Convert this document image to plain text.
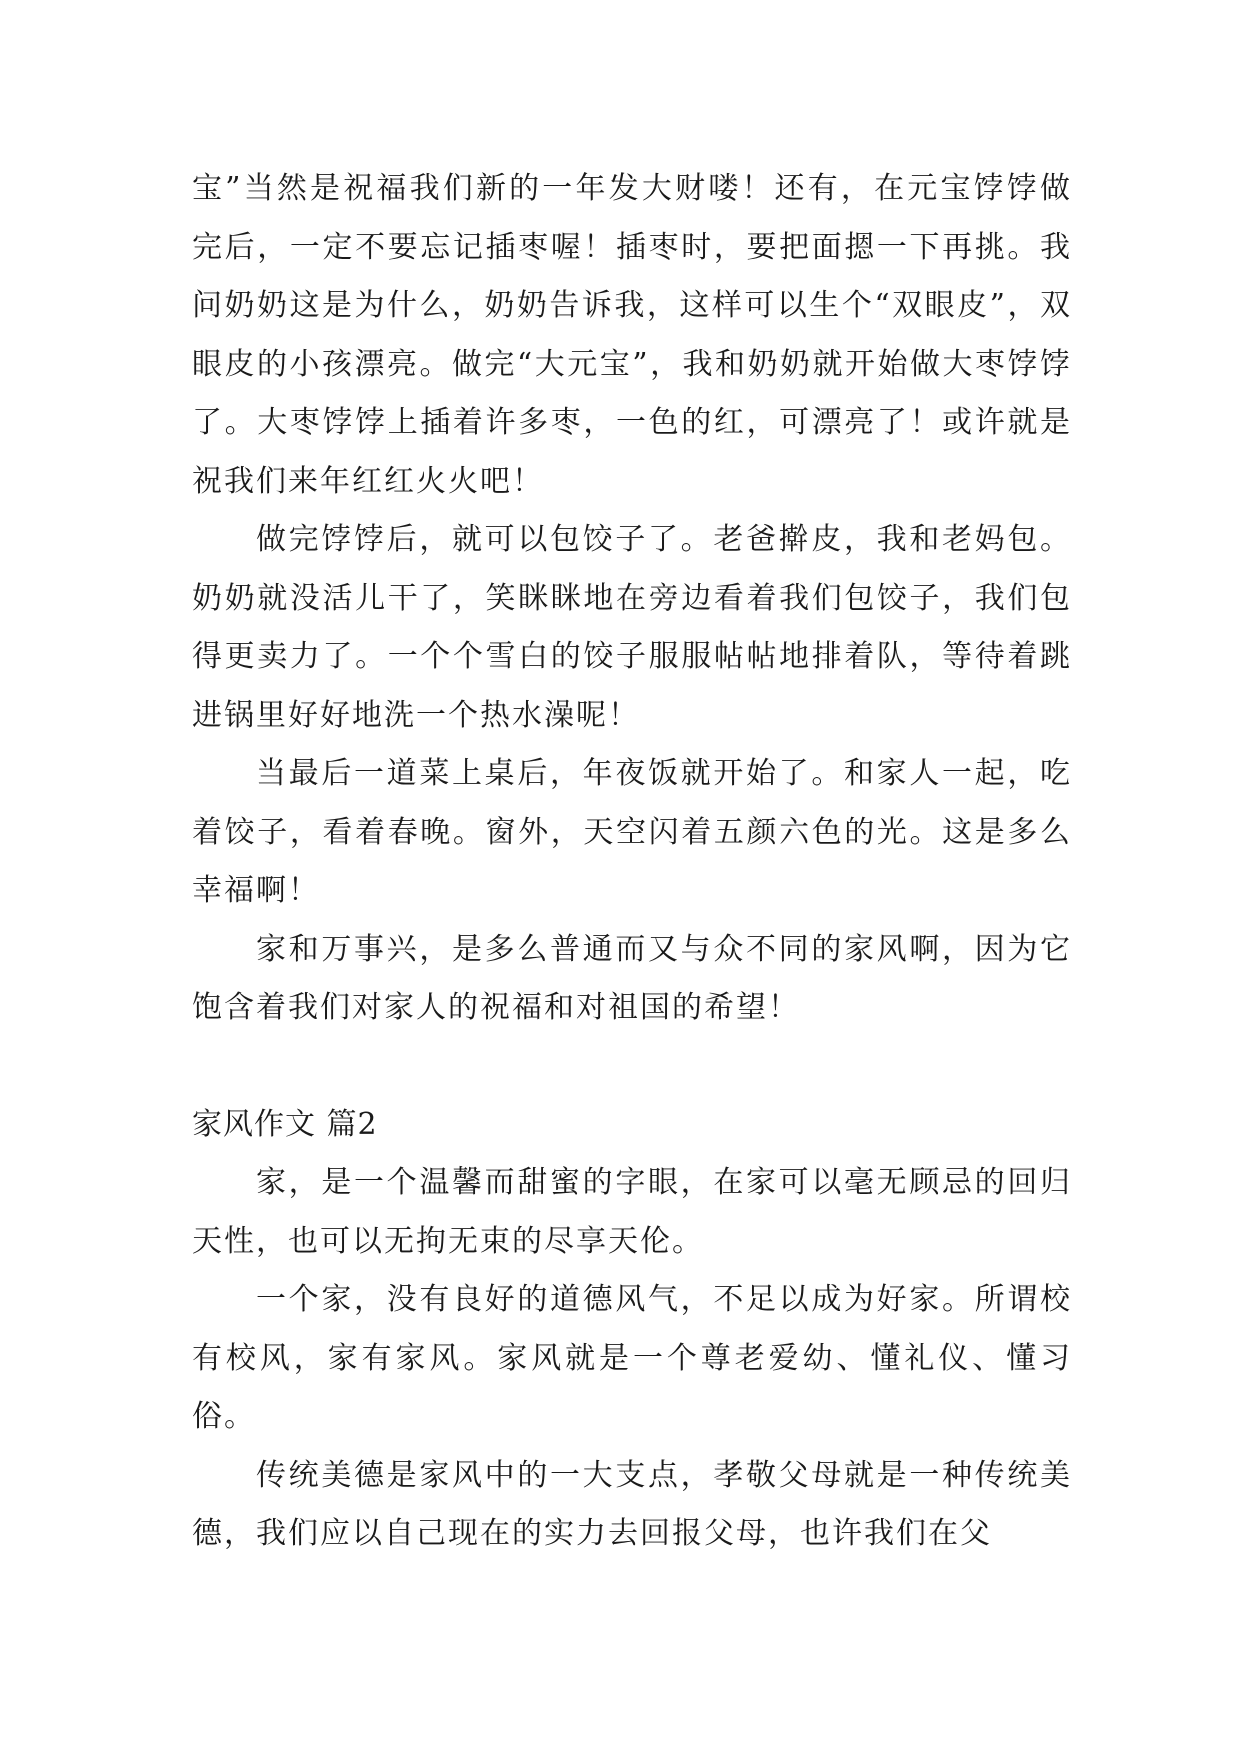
宝”当然是祝福我们新的一年发大财喽！还有，在元宝饽饽做完后，一定不要忘记插枣喔！插枣时，要把面摁一下再挑。我问奶奶这是为什么，奶奶告诉我，这样可以生个“双眼皮”，双眼皮的小孩漂亮。做完“大元宝”，我和奶奶就开始做大枣饽饽了。大枣饽饽上插着许多枣，一色的红，可漂亮了！或许就是祝我们来年红红火火吧！

做完饽饽后，就可以包饺子了。老爸擀皮，我和老妈包。奶奶就没活儿干了，笑眯眯地在旁边看着我们包饺子，我们包得更卖力了。一个个雪白的饺子服服帖帖地排着队，等待着跳进锅里好好地洗一个热水澡呢！

当最后一道菜上桌后，年夜饭就开始了。和家人一起，吃着饺子，看着春晚。窗外，天空闪着五颜六色的光。这是多么幸福啊！

家和万事兴，是多么普通而又与众不同的家风啊，因为它饱含着我们对家人的祝福和对祖国的希望！

家风作文 篇2

家，是一个温馨而甜蜜的字眼，在家可以毫无顾忌的回归天性，也可以无拘无束的尽享天伦。

一个家，没有良好的道德风气，不足以成为好家。所谓校有校风，家有家风。家风就是一个尊老爱幼、懂礼仪、懂习俗。

传统美德是家风中的一大支点，孝敬父母就是一种传统美德，我们应以自己现在的实力去回报父母，也许我们在父
